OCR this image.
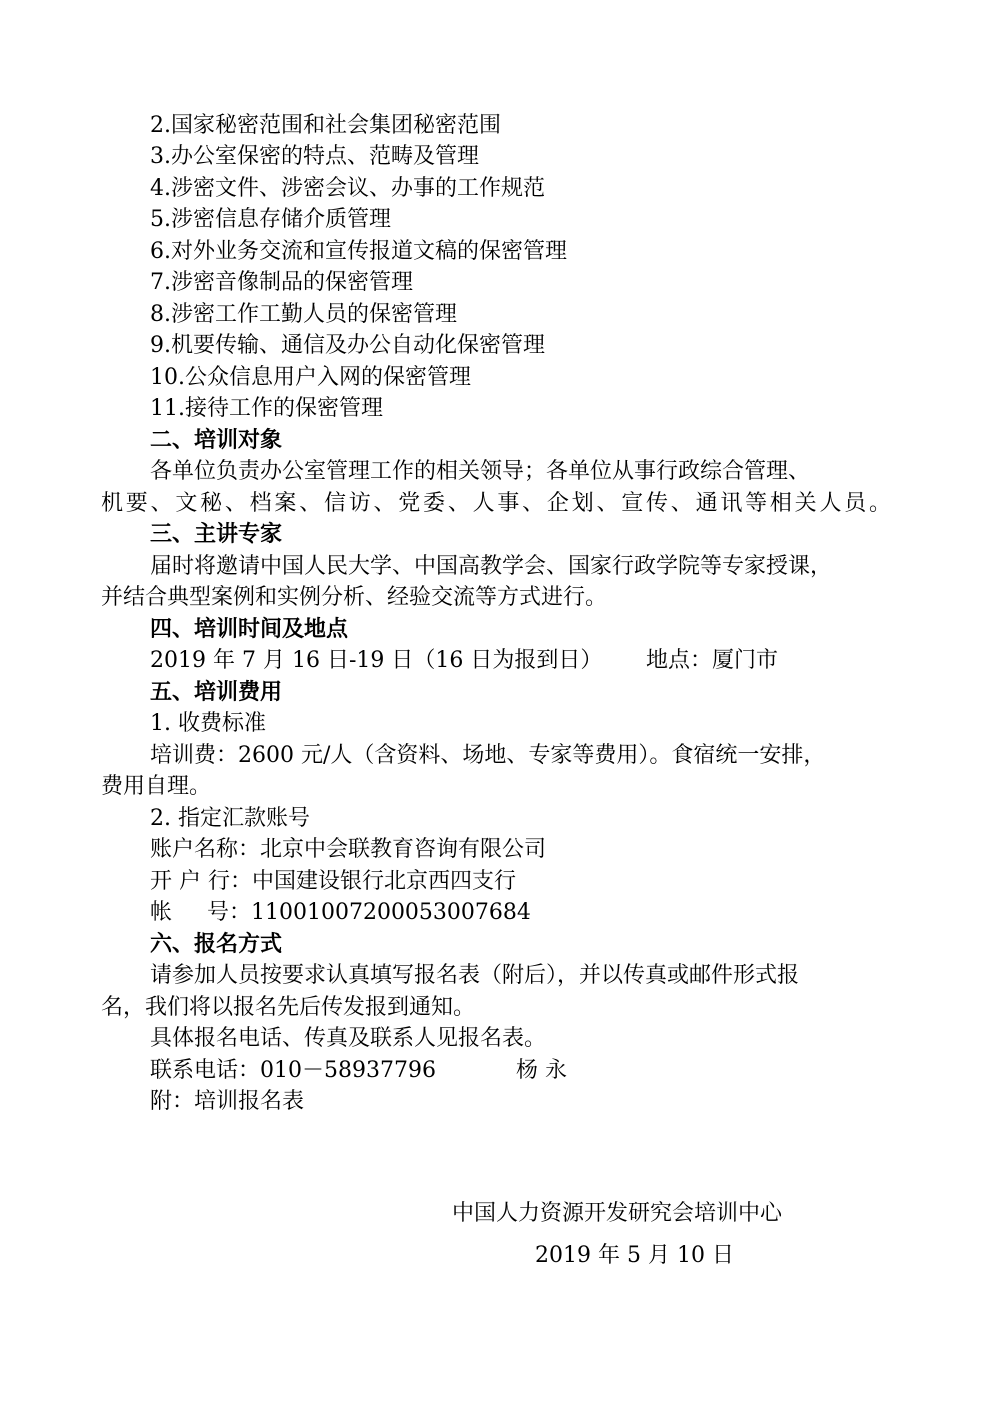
2.国家秘密范围和社会集团秘密范围
3.办公室保密的特点、范畴及管理
4.涉密文件、涉密会议、办事的工作规范
5.涉密信息存储介质管理
6.对外业务交流和宣传报道文稿的保密管理
7.涉密音像制品的保密管理
8.涉密工作工勤人员的保密管理
9.机要传输、通信及办公自动化保密管理
10.公众信息用户入网的保密管理
11.接待工作的保密管理
二、培训对象
各单位负责办公室管理工作的相关领导；各单位从事行政综合管理、
机要、文秘、档案、信访、党委、人事、企划、宣传、通讯等相关人员。
三、主讲专家
届时将邀请中国人民大学、中国高教学会、国家行政学院等专家授课，
并结合典型案例和实例分析、经验交流等方式进行。
四、培训时间及地点
2019 年 7 月 16 日-19 日（16 日为报到日） 地点：厦门市
五、培训费用
1. 收费标准
培训费：2600 元/人（含资料、场地、专家等费用）。食宿统一安排，
费用自理。
2. 指定汇款账号
账户名称：北京中会联教育咨询有限公司
开 户 行：中国建设银行北京西四支行
帐     号：11001007200053007684
六、报名方式
请参加人员按要求认真填写报名表（附后），并以传真或邮件形式报
名，我们将以报名先后传发报到通知。
具体报名电话、传真及联系人见报名表。
联系电话：010－58937796	杨 永
附：培训报名表
中国人力资源开发研究会培训中心
2019 年 5 月 10 日
